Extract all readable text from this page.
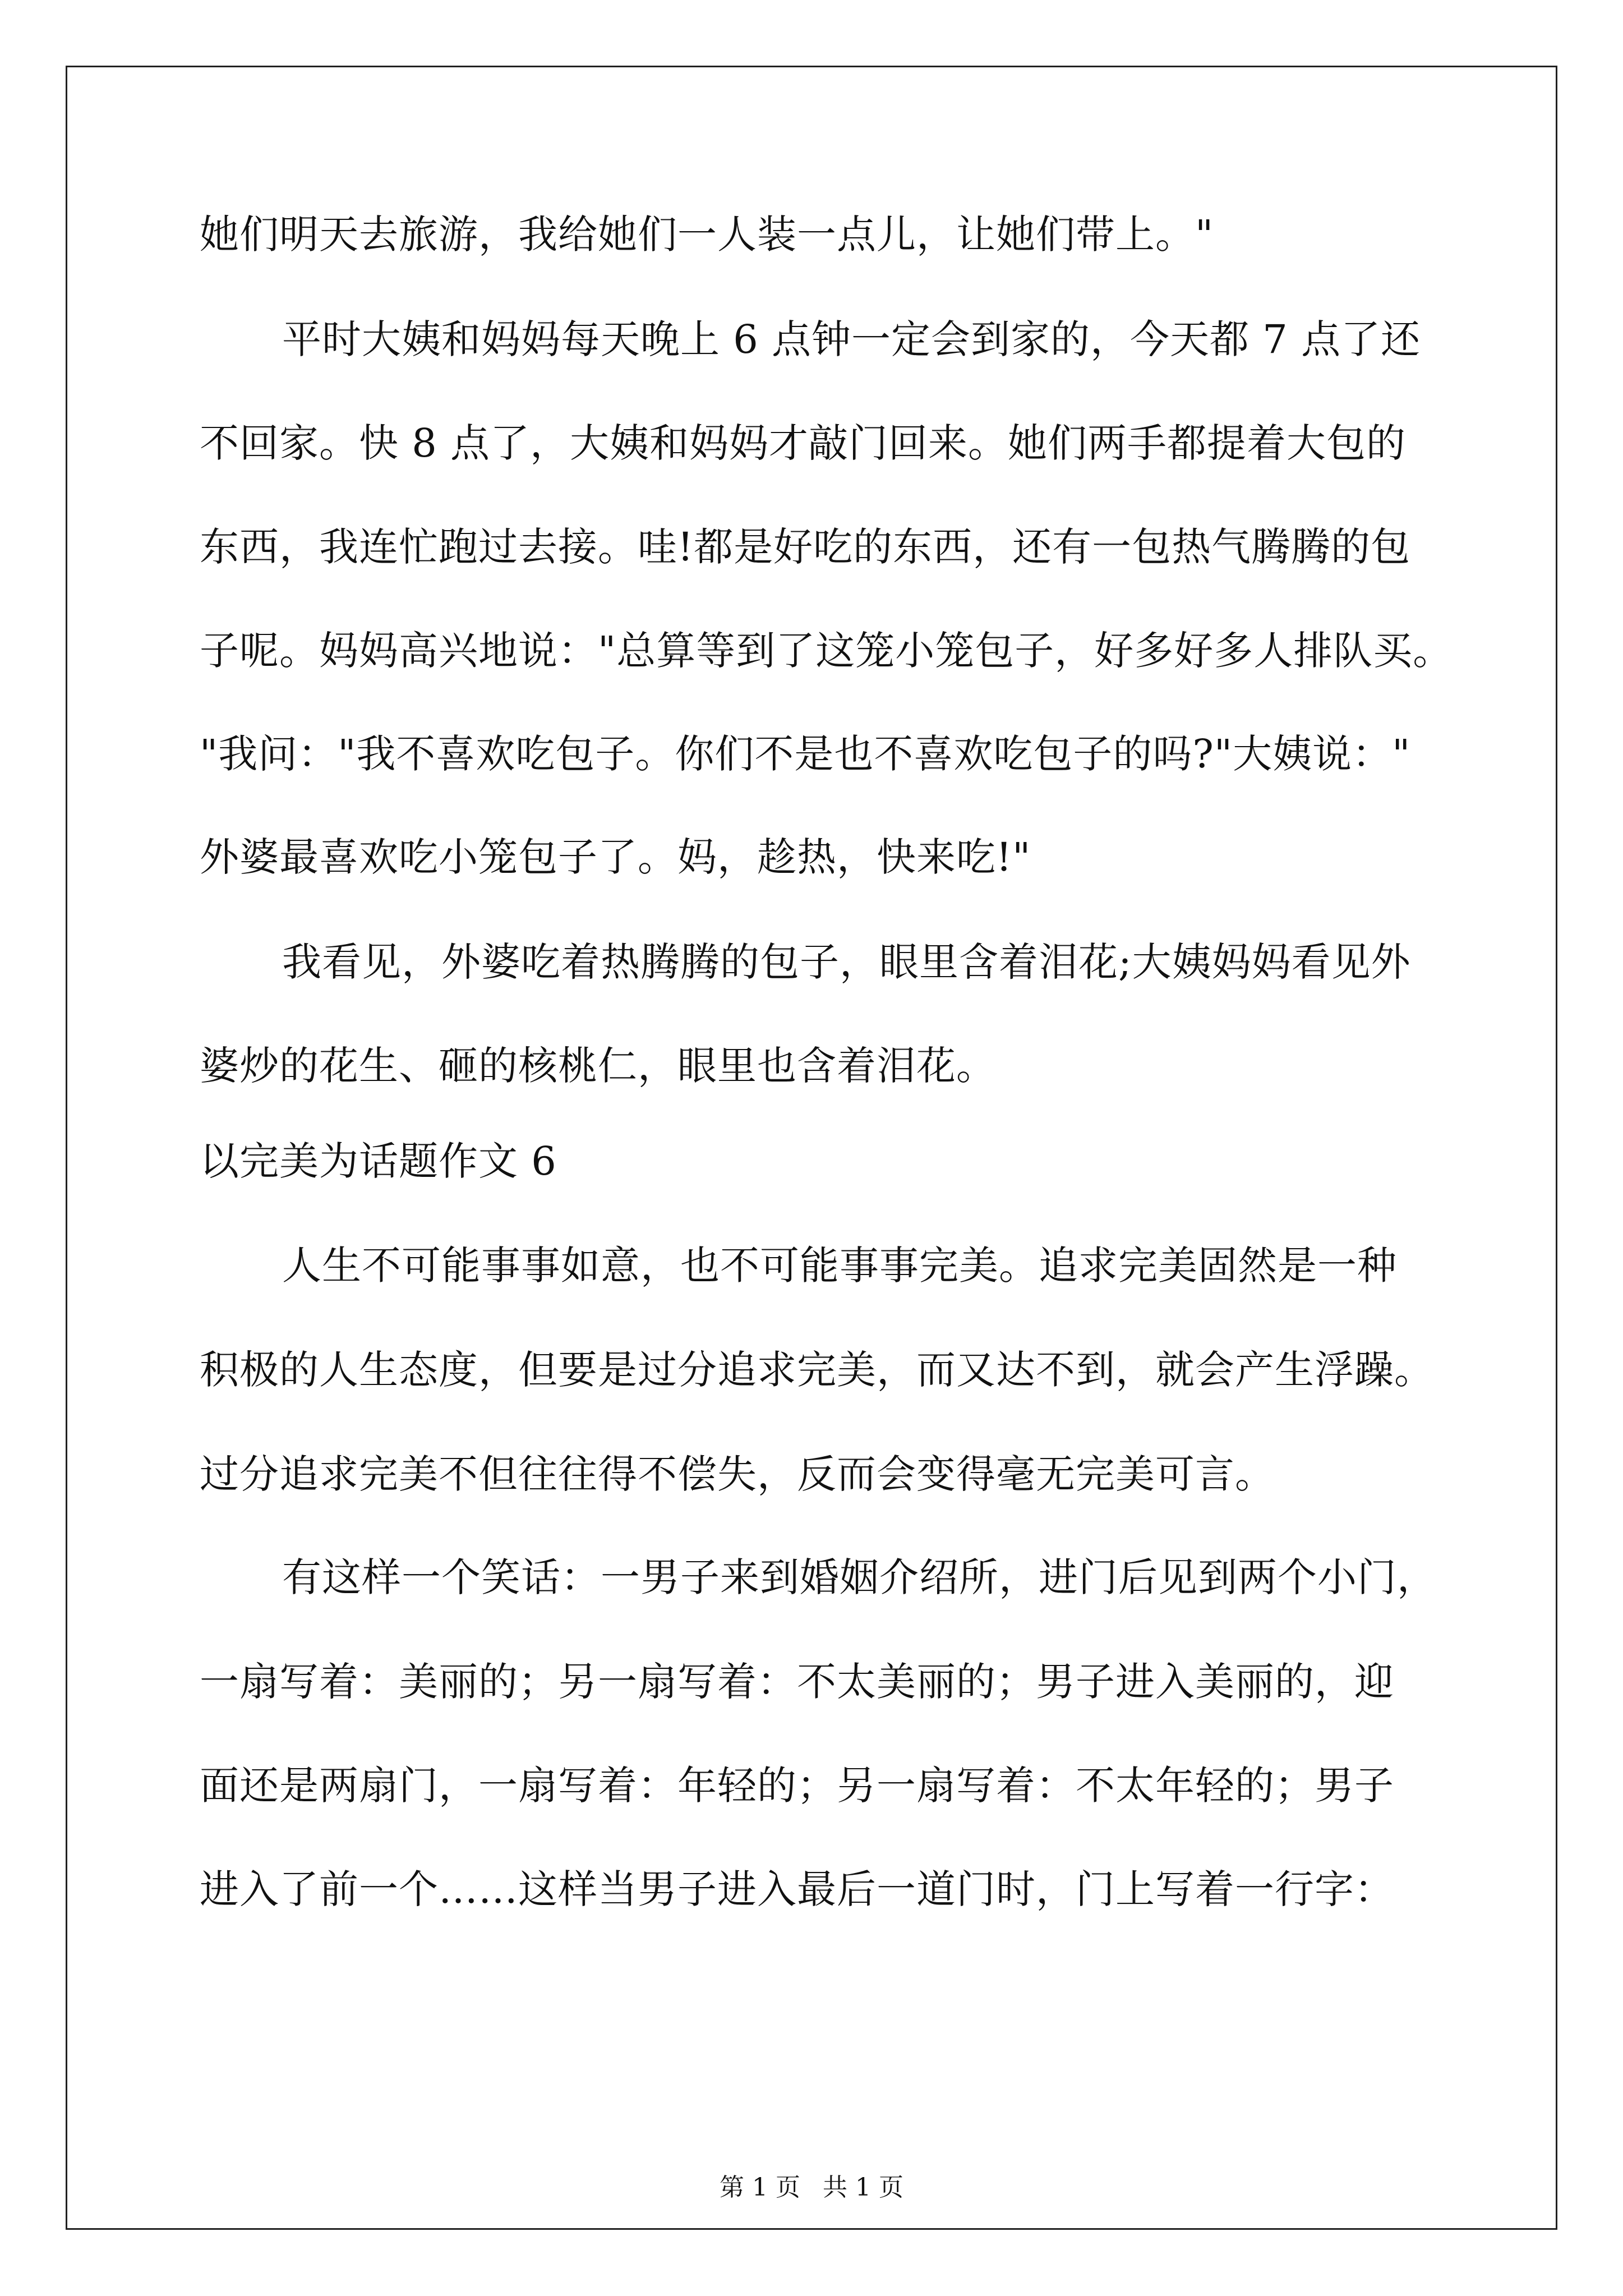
她们明天去旅游，我给她们一人装一点儿，让她们带上。"
平时大姨和妈妈每天晚上 6 点钟一定会到家的，今天都 7 点了还
不回家。快 8 点了，大姨和妈妈才敲门回来。她们两手都提着大包的
东西，我连忙跑过去接。哇!都是好吃的东西，还有一包热气腾腾的包
子呢。妈妈高兴地说："总算等到了这笼小笼包子，好多好多人排队买。
"我问："我不喜欢吃包子。你们不是也不喜欢吃包子的吗?"大姨说："
外婆最喜欢吃小笼包子了。妈，趁热，快来吃!"
我看见，外婆吃着热腾腾的包子，眼里含着泪花;大姨妈妈看见外
婆炒的花生、砸的核桃仁，眼里也含着泪花。
以完美为话题作文 6
人生不可能事事如意，也不可能事事完美。追求完美固然是一种
积极的人生态度，但要是过分追求完美，而又达不到，就会产生浮躁。
过分追求完美不但往往得不偿失，反而会变得毫无完美可言。
有这样一个笑话：一男子来到婚姻介绍所，进门后见到两个小门，
一扇写着：美丽的；另一扇写着：不太美丽的；男子进入美丽的，迎
面还是两扇门，一扇写着：年轻的；另一扇写着：不太年轻的；男子
进入了前一个……这样当男子进入最后一道门时，门上写着一行字：
第 1 页 共 1 页
